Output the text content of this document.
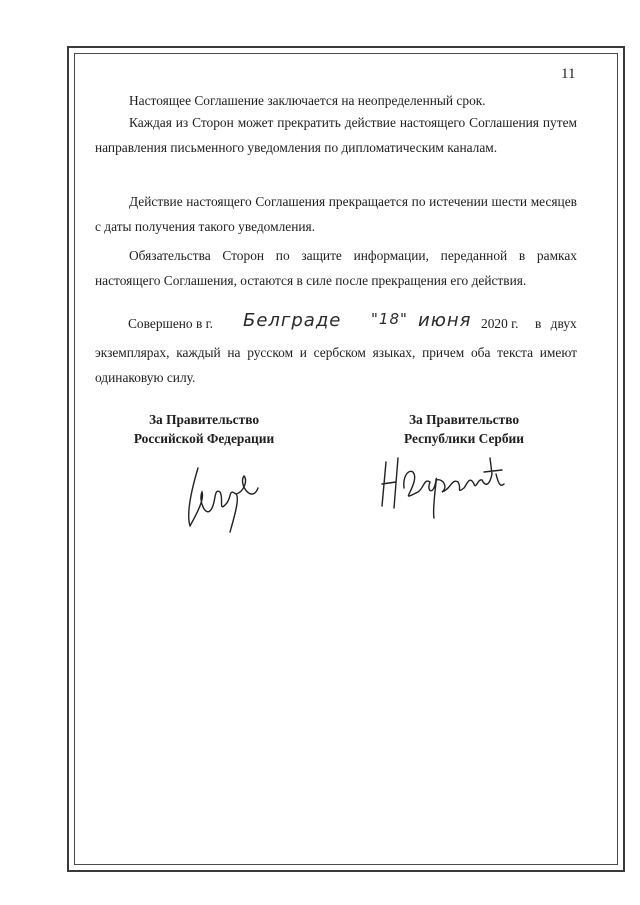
11

Настоящее Соглашение заключается на неопределенный срок.

Каждая из Сторон может прекратить действие настоящего Соглашения путем направления письменного уведомления по дипломатическим каналам.

Действие настоящего Соглашения прекращается по истечении шести месяцев с даты получения такого уведомления.

Обязательства Сторон по защите информации, переданной в рамках настоящего Соглашения, остаются в силе после прекращения его действия.

Совершено в г. Белграде "18" июня 2020 г. в двух

экземплярах, каждый на русском и сербском языках, причем оба текста имеют одинаковую силу.

За Правительство
Российской Федерации
За Правительство
Республики Сербии
